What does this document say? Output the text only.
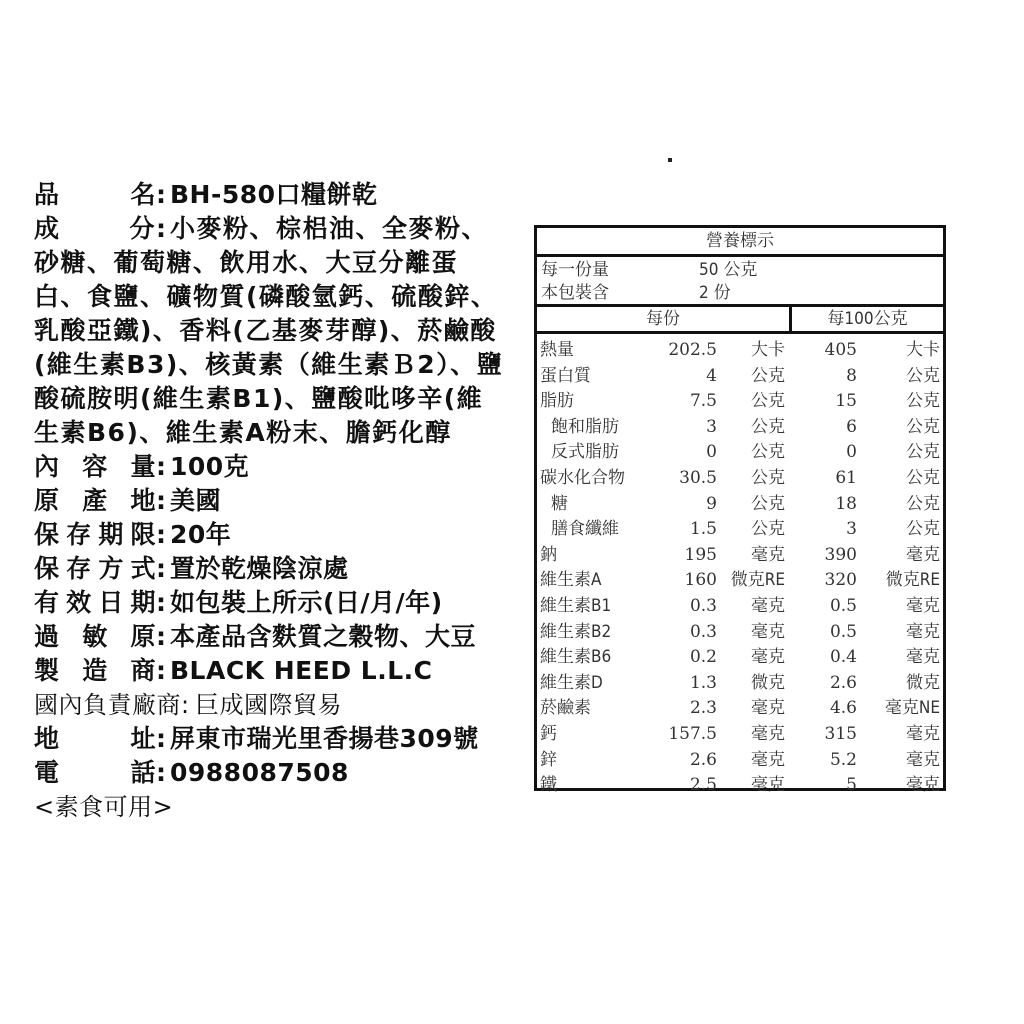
品　　名: BH-580口糧餅乾
成　　分: 小麥粉、棕梠油、全麥粉、砂糖、葡萄糖、飲用水、大豆分離蛋白、食鹽、礦物質(磷酸氫鈣、硫酸鋅、乳酸亞鐵)、香料(乙基麥芽醇)、菸鹼酸(維生素B3)、核黃素（維生素Ｂ2）、鹽酸硫胺明(維生素B1)、鹽酸吡哆辛(維生素B6)、維生素A粉末、膽鈣化醇
內容量: 100克
原產地: 美國
保存期限: 20年
保存方式: 置於乾燥陰涼處
有效日期: 如包裝上所示(日/月/年)
過敏原: 本產品含麩質之穀物、大豆
製造商: BLACK HEED L.L.C
國內負責廠商: 巨成國際貿易
地　　址: 屏東市瑞光里香揚巷309號
電　　話: 0988087508
<素食可用>
營養標示
每一份量	50 公克
本包裝含	2 份
每份	每100公克
熱量	202.5 大卡 405	大卡
蛋白質	4 公克	8	公克
脂肪	7.5 公克	15	公克
飽和脂肪	3 公克	6	公克
反式脂肪	0 公克	0	公克
碳水化合物	30.5 公克	61	公克
糖	9 公克	18	公克
膳食纖維	1.5 公克	3	公克
鈉	195 毫克 390	毫克
維生素A	160 微克RE 320 微克RE
維生素B1	0.3 毫克	0.5	毫克
維生素B2	0.3 毫克	0.5	毫克
維生素B6	0.2 毫克	0.4	毫克
維生素D	1.3 微克	2.6	微克
菸鹼素	2.3 毫克	4.6 毫克NE
鈣	157.5 毫克 315	毫克
鋅	2.6 毫克	5.2	毫克
鐵	2.5 毫克	5	毫克
